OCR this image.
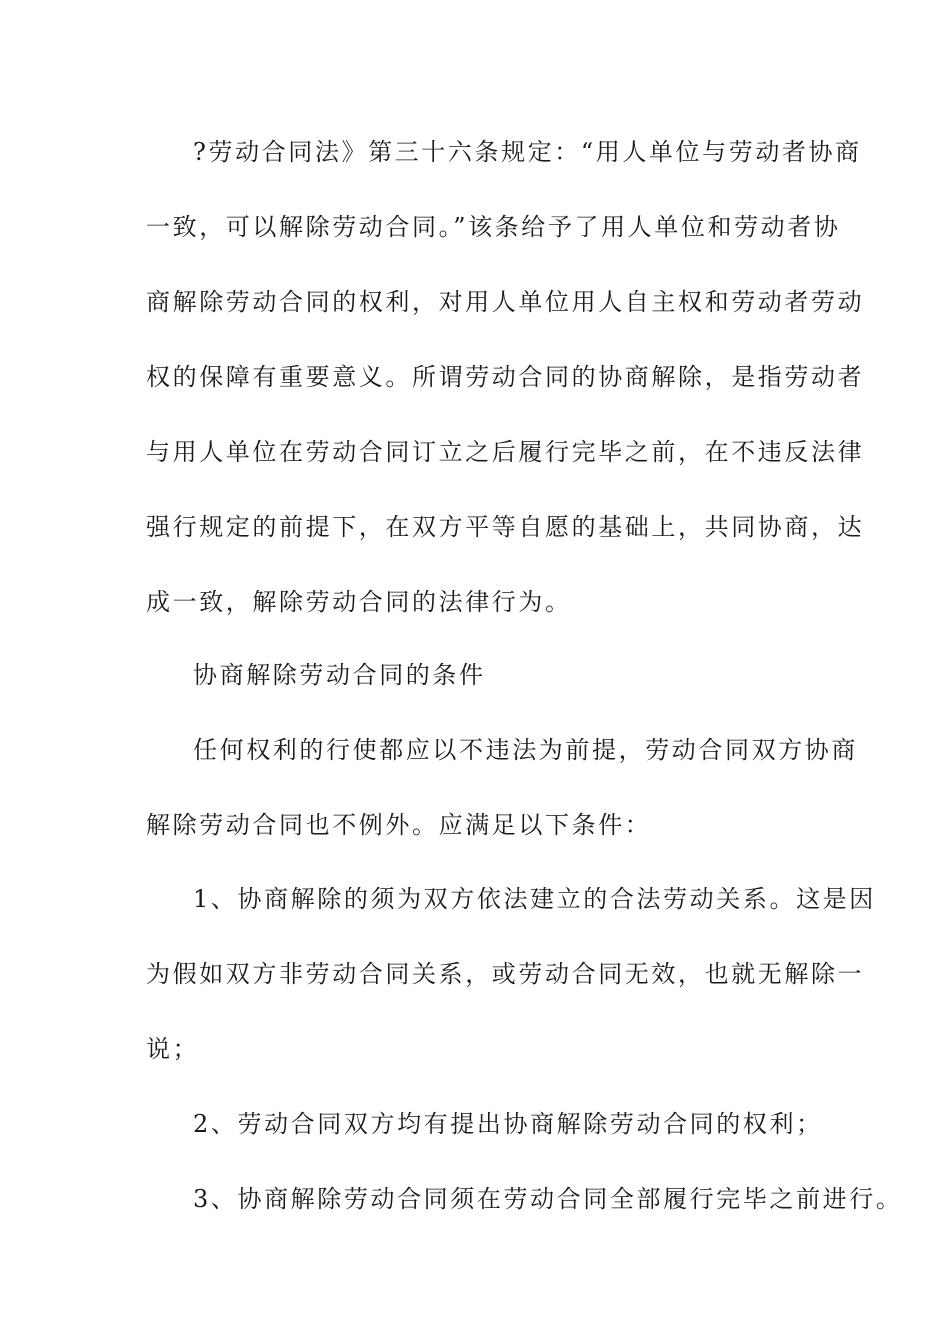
?劳动合同法》第三十六条规定：“用人单位与劳动者协商
一致，可以解除劳动合同。”该条给予了用人单位和劳动者协
商解除劳动合同的权利，对用人单位用人自主权和劳动者劳动
权的保障有重要意义。所谓劳动合同的协商解除，是指劳动者
与用人单位在劳动合同订立之后履行完毕之前，在不违反法律
强行规定的前提下，在双方平等自愿的基础上，共同协商，达
成一致，解除劳动合同的法律行为。
协商解除劳动合同的条件
任何权利的行使都应以不违法为前提，劳动合同双方协商
解除劳动合同也不例外。应满足以下条件：
1、协商解除的须为双方依法建立的合法劳动关系。这是因
为假如双方非劳动合同关系，或劳动合同无效，也就无解除一
说；
2、劳动合同双方均有提出协商解除劳动合同的权利；
3、协商解除劳动合同须在劳动合同全部履行完毕之前进行。
